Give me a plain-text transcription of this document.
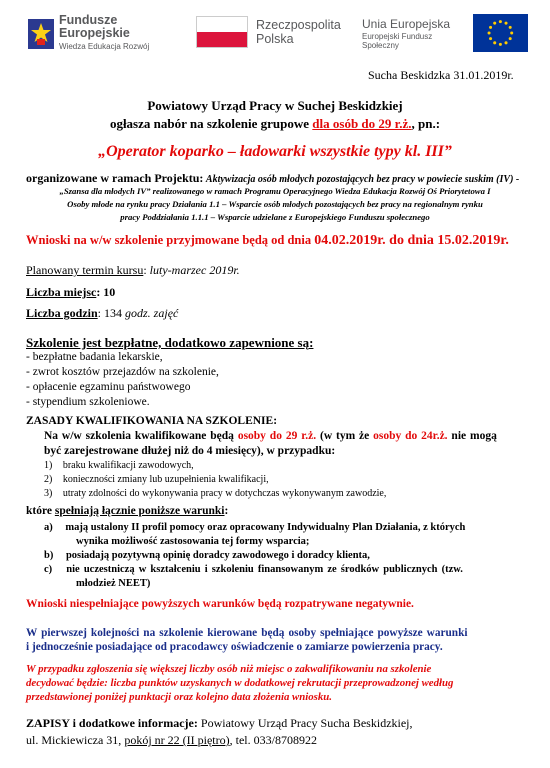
Fundusze
Europejskie
Wiedza Edukacja Rozwój
Rzeczpospolita
Polska
Unia Europejska
Europejski Fundusz Społeczny
Sucha Beskidzka 31.01.2019r.
Powiatowy Urząd Pracy w Suchej Beskidzkiej
ogłasza nabór na szkolenie grupowe dla osób do 29 r.ż., pn.:
„Operator koparko – ładowarki wszystkie typy kl. III”
organizowane w ramach Projektu: Aktywizacja osób młodych pozostających bez pracy w powiecie suskim (IV) -
„Szansa dla młodych IV” realizowanego w ramach Programu Operacyjnego Wiedza Edukacja Rozwój Oś Priorytetowa I
Osoby młode na rynku pracy Działania 1.1 – Wsparcie osób młodych pozostających bez pracy na regionalnym rynku
pracy Poddziałania 1.1.1 – Wsparcie udzielane z Europejskiego Funduszu społecznego
Wnioski na w/w szkolenie przyjmowane będą od dnia 04.02.2019r. do dnia 15.02.2019r.
Planowany termin kursu: luty-marzec 2019r.
Liczba miejsc: 10
Liczba godzin: 134 godz. zajęć
Szkolenie jest bezpłatne, dodatkowo zapewnione są:
- bezpłatne badania lekarskie,
- zwrot kosztów przejazdów na szkolenie,
- opłacenie egzaminu państwowego
- stypendium szkoleniowe.
ZASADY KWALIFIKOWANIA NA SZKOLENIE:
Na w/w szkolenia kwalifikowane będą osoby do 29 r.ż. (w tym że osoby do 24r.ż. nie mogą
być zarejestrowane dłużej niż do 4 miesięcy), w przypadku:
1) braku kwalifikacji zawodowych,
2) konieczności zmiany lub uzupełnienia kwalifikacji,
3) utraty zdolności do wykonywania pracy w dotychczas wykonywanym zawodzie,
które spełniają łącznie poniższe warunki:
a) mają ustalony II profil pomocy oraz opracowany Indywidualny Plan Działania, z których
wynika możliwość zastosowania tej formy wsparcia;
b) posiadają pozytywną opinię doradcy zawodowego i doradcy klienta,
c) nie uczestniczą w kształceniu i szkoleniu finansowanym ze środków publicznych (tzw.
młodzież NEET)
Wnioski niespełniające powyższych warunków będą rozpatrywane negatywnie.
W pierwszej kolejności na szkolenie kierowane będą osoby spełniające powyższe warunki
i jednocześnie posiadające od pracodawcy oświadczenie o zamiarze powierzenia pracy.
W przypadku zgłoszenia się większej liczby osób niż miejsc o zakwalifikowaniu na szkolenie
decydować będzie: liczba punktów uzyskanych w dodatkowej rekrutacji przeprowadzonej według
przedstawionej poniżej punktacji oraz kolejno data złożenia wniosku.
ZAPISY i dodatkowe informacje: Powiatowy Urząd Pracy Sucha Beskidzkiej,
ul. Mickiewicza 31, pokój nr 22 (II piętro), tel. 033/8708922
